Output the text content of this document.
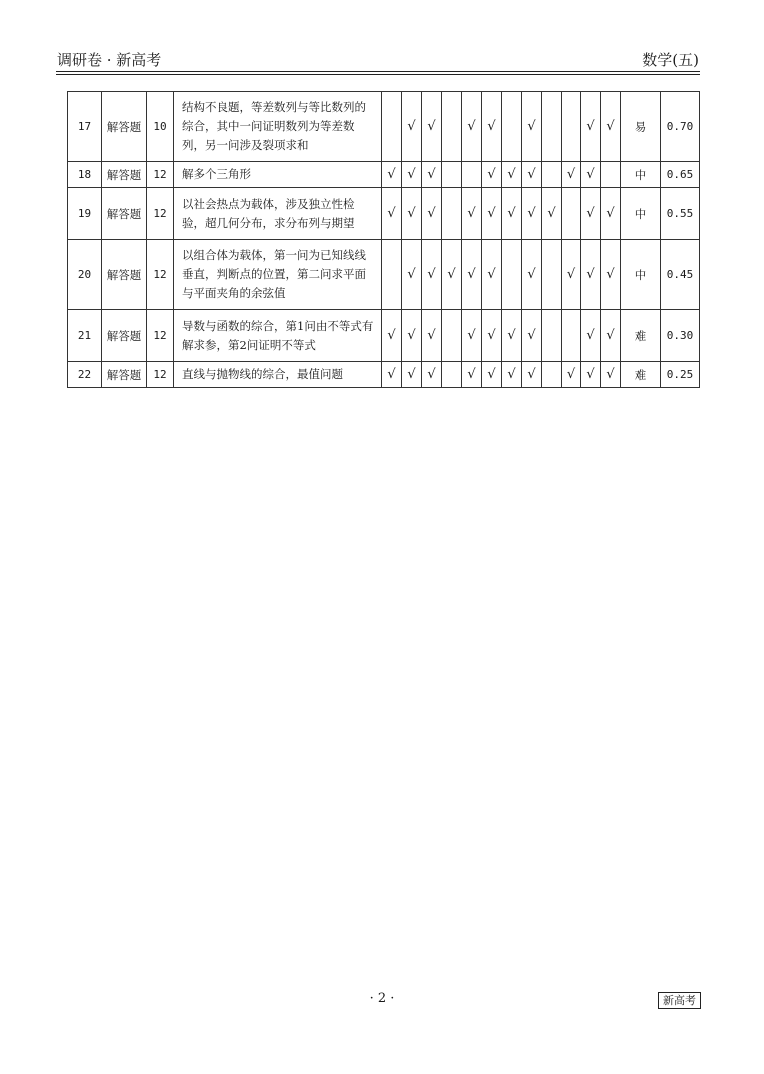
调研卷 · 新高考	数学(五)
17	解答题	10	结构不良题，等差数列与等比数列的综合，其中一问证明数列为等差数列，另一问涉及裂项求和		√	√		√	√		√			√	√	易	0.70
18	解答题	12	解多个三角形	√	√	√			√	√	√		√	√		中	0.65
19	解答题	12	以社会热点为载体，涉及独立性检验，超几何分布，求分布列与期望	√	√	√		√	√	√	√	√		√	√	中	0.55
20	解答题	12	以组合体为载体，第一问为已知线线垂直，判断点的位置，第二问求平面与平面夹角的余弦值		√	√	√	√	√		√		√	√	√	中	0.45
21	解答题	12	导数与函数的综合，第1问由不等式有解求参，第2问证明不等式	√	√	√		√	√	√	√			√	√	难	0.30
22	解答题	12	直线与抛物线的综合，最值问题	√	√	√		√	√	√	√		√	√	√	难	0.25
· 2 ·	新高考
